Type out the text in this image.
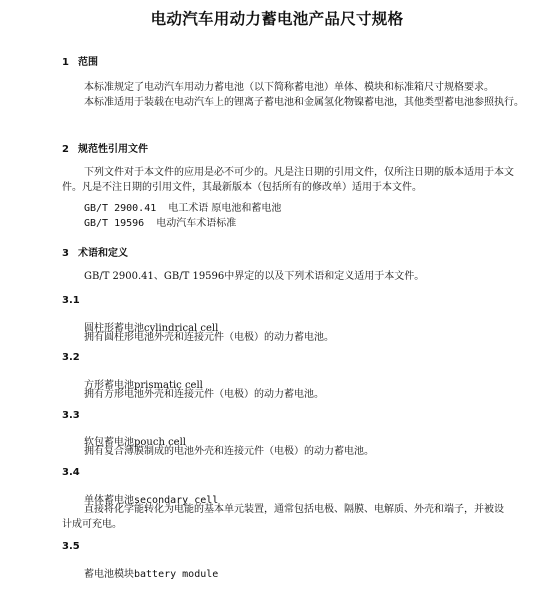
电动汽车用动力蓄电池产品尺寸规格
1 范围
本标准规定了电动汽车用动力蓄电池（以下简称蓄电池）单体、模块和标准箱尺寸规格要求。
本标准适用于装载在电动汽车上的锂离子蓄电池和金属氢化物镍蓄电池，其他类型蓄电池参照执行。
2 规范性引用文件
下列文件对于本文件的应用是必不可少的。凡是注日期的引用文件，仅所注日期的版本适用于本文件。凡是不注日期的引用文件，其最新版本（包括所有的修改单）适用于本文件。
GB/T 2900.41 电工术语 原电池和蓄电池
GB/T 19596 电动汽车术语标准
3 术语和定义
GB/T 2900.41、GB/T 19596中界定的以及下列术语和定义适用于本文件。
3.1
圆柱形蓄电池cylindrical cell
拥有圆柱形电池外壳和连接元件（电极）的动力蓄电池。
3.2
方形蓄电池prismatic cell
拥有方形电池外壳和连接元件（电极）的动力蓄电池。
3.3
软包蓄电池pouch cell
拥有复合薄膜制成的电池外壳和连接元件（电极）的动力蓄电池。
3.4
单体蓄电池secondary cell
直接将化学能转化为电能的基本单元装置，通常包括电极、隔膜、电解质、外壳和端子，并被设计成可充电。
3.5
蓄电池模块battery module
